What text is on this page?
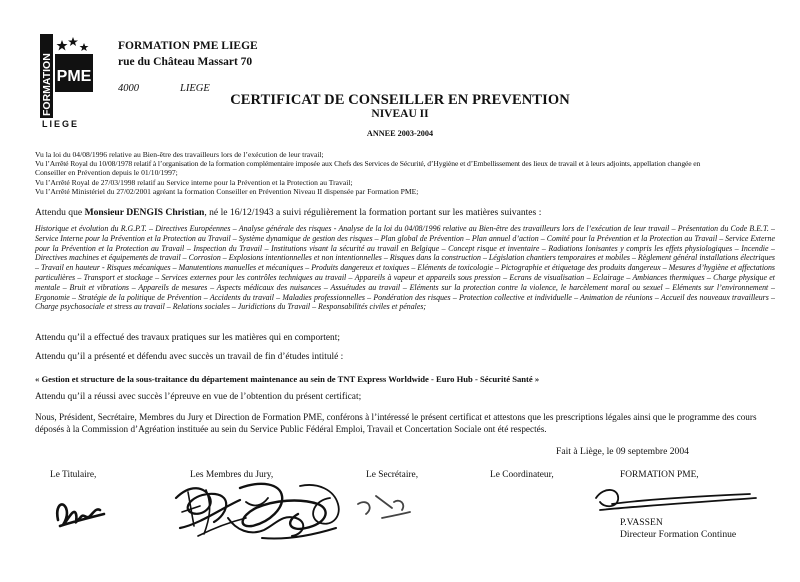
FORMATION PME
LIEGE
FORMATION PME LIEGE
rue du Château Massart 70
4000	LIEGE
CERTIFICAT DE CONSEILLER EN PREVENTION
NIVEAU II
ANNEE 2003-2004
Vu la loi du 04/08/1996 relative au Bien-être des travailleurs lors de l’exécution de leur travail;
Vu l’Arrêté Royal du 10/08/1978 relatif à l’organisation de la formation complémentaire imposée aux Chefs des Services de Sécurité, d’Hygiène et d’Embellissement des lieux de travail et à leurs adjoints, appellation changée en
Conseiller en Prévention depuis le 01/10/1997;
Vu l’Arrêté Royal de 27/03/1998 relatif au Service interne pour la Prévention et la Protection au Travail;
Vu l’Arrêté Ministériel du 27/02/2001 agréant la formation Conseiller en Prévention Niveau II dispensée par Formation PME;
Attendu que Monsieur DENGIS Christian, né le 16/12/1943 a suivi régulièrement la formation portant sur les matières suivantes :
Historique et évolution du R.G.P.T. – Directives Européennes – Analyse générale des risques - Analyse de la loi du 04/08/1996 relative au Bien-être des travailleurs lors de l’exécution de leur travail – Présentation du Code B.E.T. – Service Interne pour la Prévention et la Protection au Travail – Système dynamique de gestion des risques – Plan global de Prévention – Plan annuel d’action – Comité pour la Prévention et la Protection au Travail – Service Externe pour la Prévention et la Protection au Travail – Inspection du Travail – Institutions visant la sécurité au travail en Belgique – Concept risque et inventaire – Radiations Ionisantes y compris les effets physiologiques – Incendie – Directives machines et équipements de travail – Corrosion – Explosions intentionnelles et non intentionnelles – Risques dans la construction – Législation chantiers temporaires et mobiles – Règlement général installations électriques – Travail en hauteur - Risques mécaniques – Manutentions manuelles et mécaniques – Produits dangereux et toxiques – Eléments de toxicologie – Pictographie et étiquetage des produits dangereux – Mesures d’hygiène et affectations particulières – Transport et stockage – Services externes pour les contrôles techniques au travail – Appareils à vapeur et appareils sous pression – Ecrans de visualisation – Eclairage – Ambiances thermiques – Charge physique et mentale – Bruit et vibrations – Appareils de mesures – Aspects médicaux des nuisances – Assuétudes au travail – Eléments sur la protection contre la violence, le harcèlement moral ou sexuel – Eléments sur l’environnement – Ergonomie – Stratégie de la politique de Prévention – Accidents du travail – Maladies professionnelles – Pondération des risques – Protection collective et individuelle – Animation de réunions – Accueil des nouveaux travailleurs – Charge psychosociale et stress au travail – Relations sociales – Juridictions du Travail – Responsabilités civiles et pénales;
Attendu qu’il a effectué des travaux pratiques sur les matières qui en comportent;
Attendu qu’il a présenté et défendu avec succès un travail de fin d’études intitulé :
« Gestion et structure de la sous-traitance du département maintenance au sein de TNT Express Worldwide - Euro Hub - Sécurité Santé »
Attendu qu’il a réussi avec succès l’épreuve en vue de l’obtention du présent certificat;
Nous, Président, Secrétaire, Membres du Jury et Direction de Formation PME, conférons à l’intéressé le présent certificat et attestons que les prescriptions légales ainsi que le programme des cours déposés à la Commission d’Agréation instituée au sein du Service Public Fédéral Emploi, Travail et Concertation Sociale ont été respectés.
Fait à Liège, le 09 septembre 2004
Le Titulaire,	Les Membres du Jury,	Le Secrétaire,	Le Coordinateur,	FORMATION PME,
P.VASSEN
Directeur Formation Continue
